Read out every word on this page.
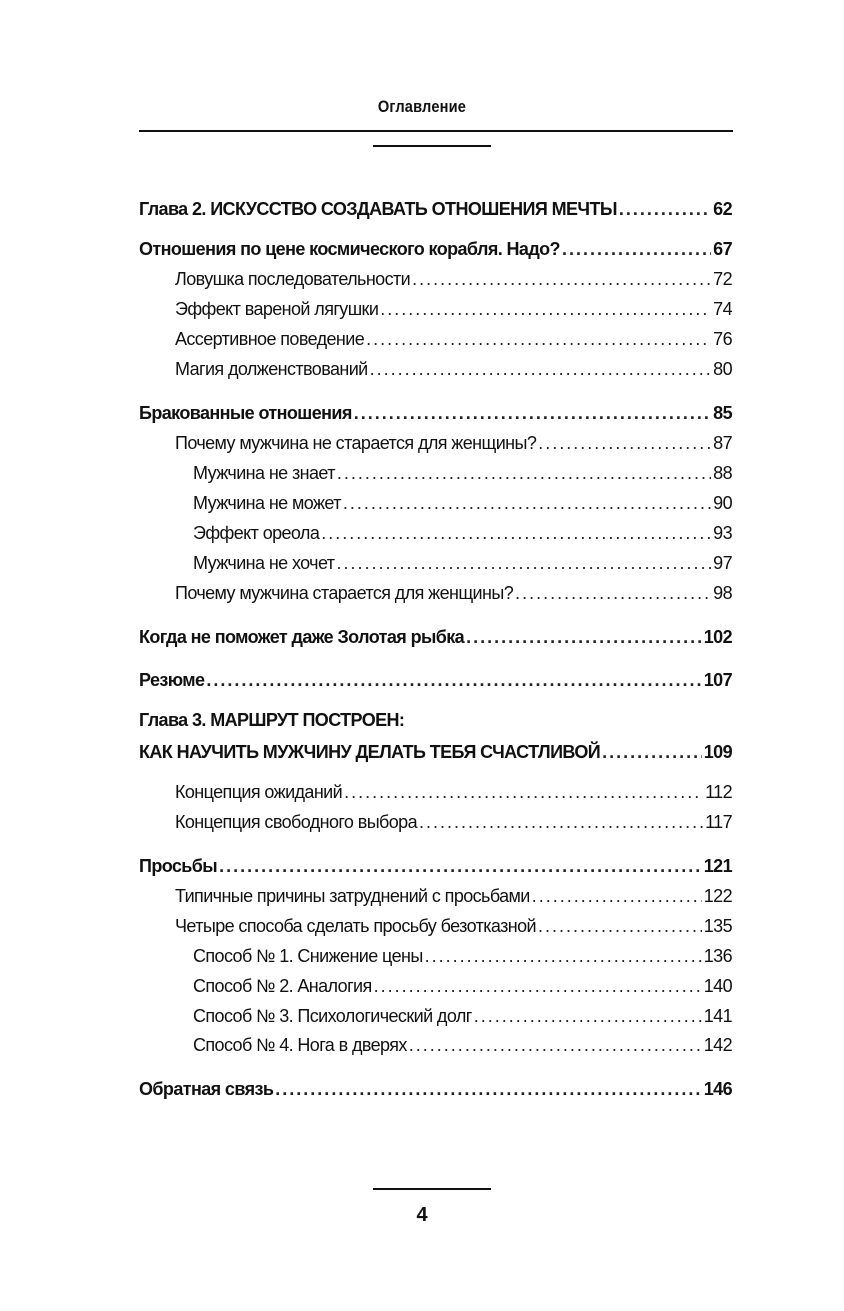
Оглавление
Глава 2. ИСКУССТВО СОЗДАВАТЬ ОТНОШЕНИЯ МЕЧТЫ . . .	62
Отношения по цене космического корабля. Надо? . . .	67
Ловушка последовательности . . .	72
Эффект вареной лягушки . . .	74
Ассертивное поведение . . .	76
Магия долженствований . . .	80
Бракованные отношения . . .	85
Почему мужчина не старается для женщины? . . .	87
Мужчина не знает . . .	88
Мужчина не может . . .	90
Эффект ореола . . .	93
Мужчина не хочет . . .	97
Почему мужчина старается для женщины? . . .	98
Когда не поможет даже Золотая рыбка . . .	102
Резюме . . .	107
Глава 3. МАРШРУТ ПОСТРОЕН:
КАК НАУЧИТЬ МУЖЧИНУ ДЕЛАТЬ ТЕБЯ СЧАСТЛИВОЙ . . .	109
Концепция ожиданий . . .	112
Концепция свободного выбора . . .	117
Просьбы . . .	121
Типичные причины затруднений с просьбами . . .	122
Четыре способа сделать просьбу безотказной . . .	135
Способ № 1. Снижение цены . . .	136
Способ № 2. Аналогия . . .	140
Способ № 3. Психологический долг . . .	141
Способ № 4. Нога в дверях . . .	142
Обратная связь . . .	146
4
